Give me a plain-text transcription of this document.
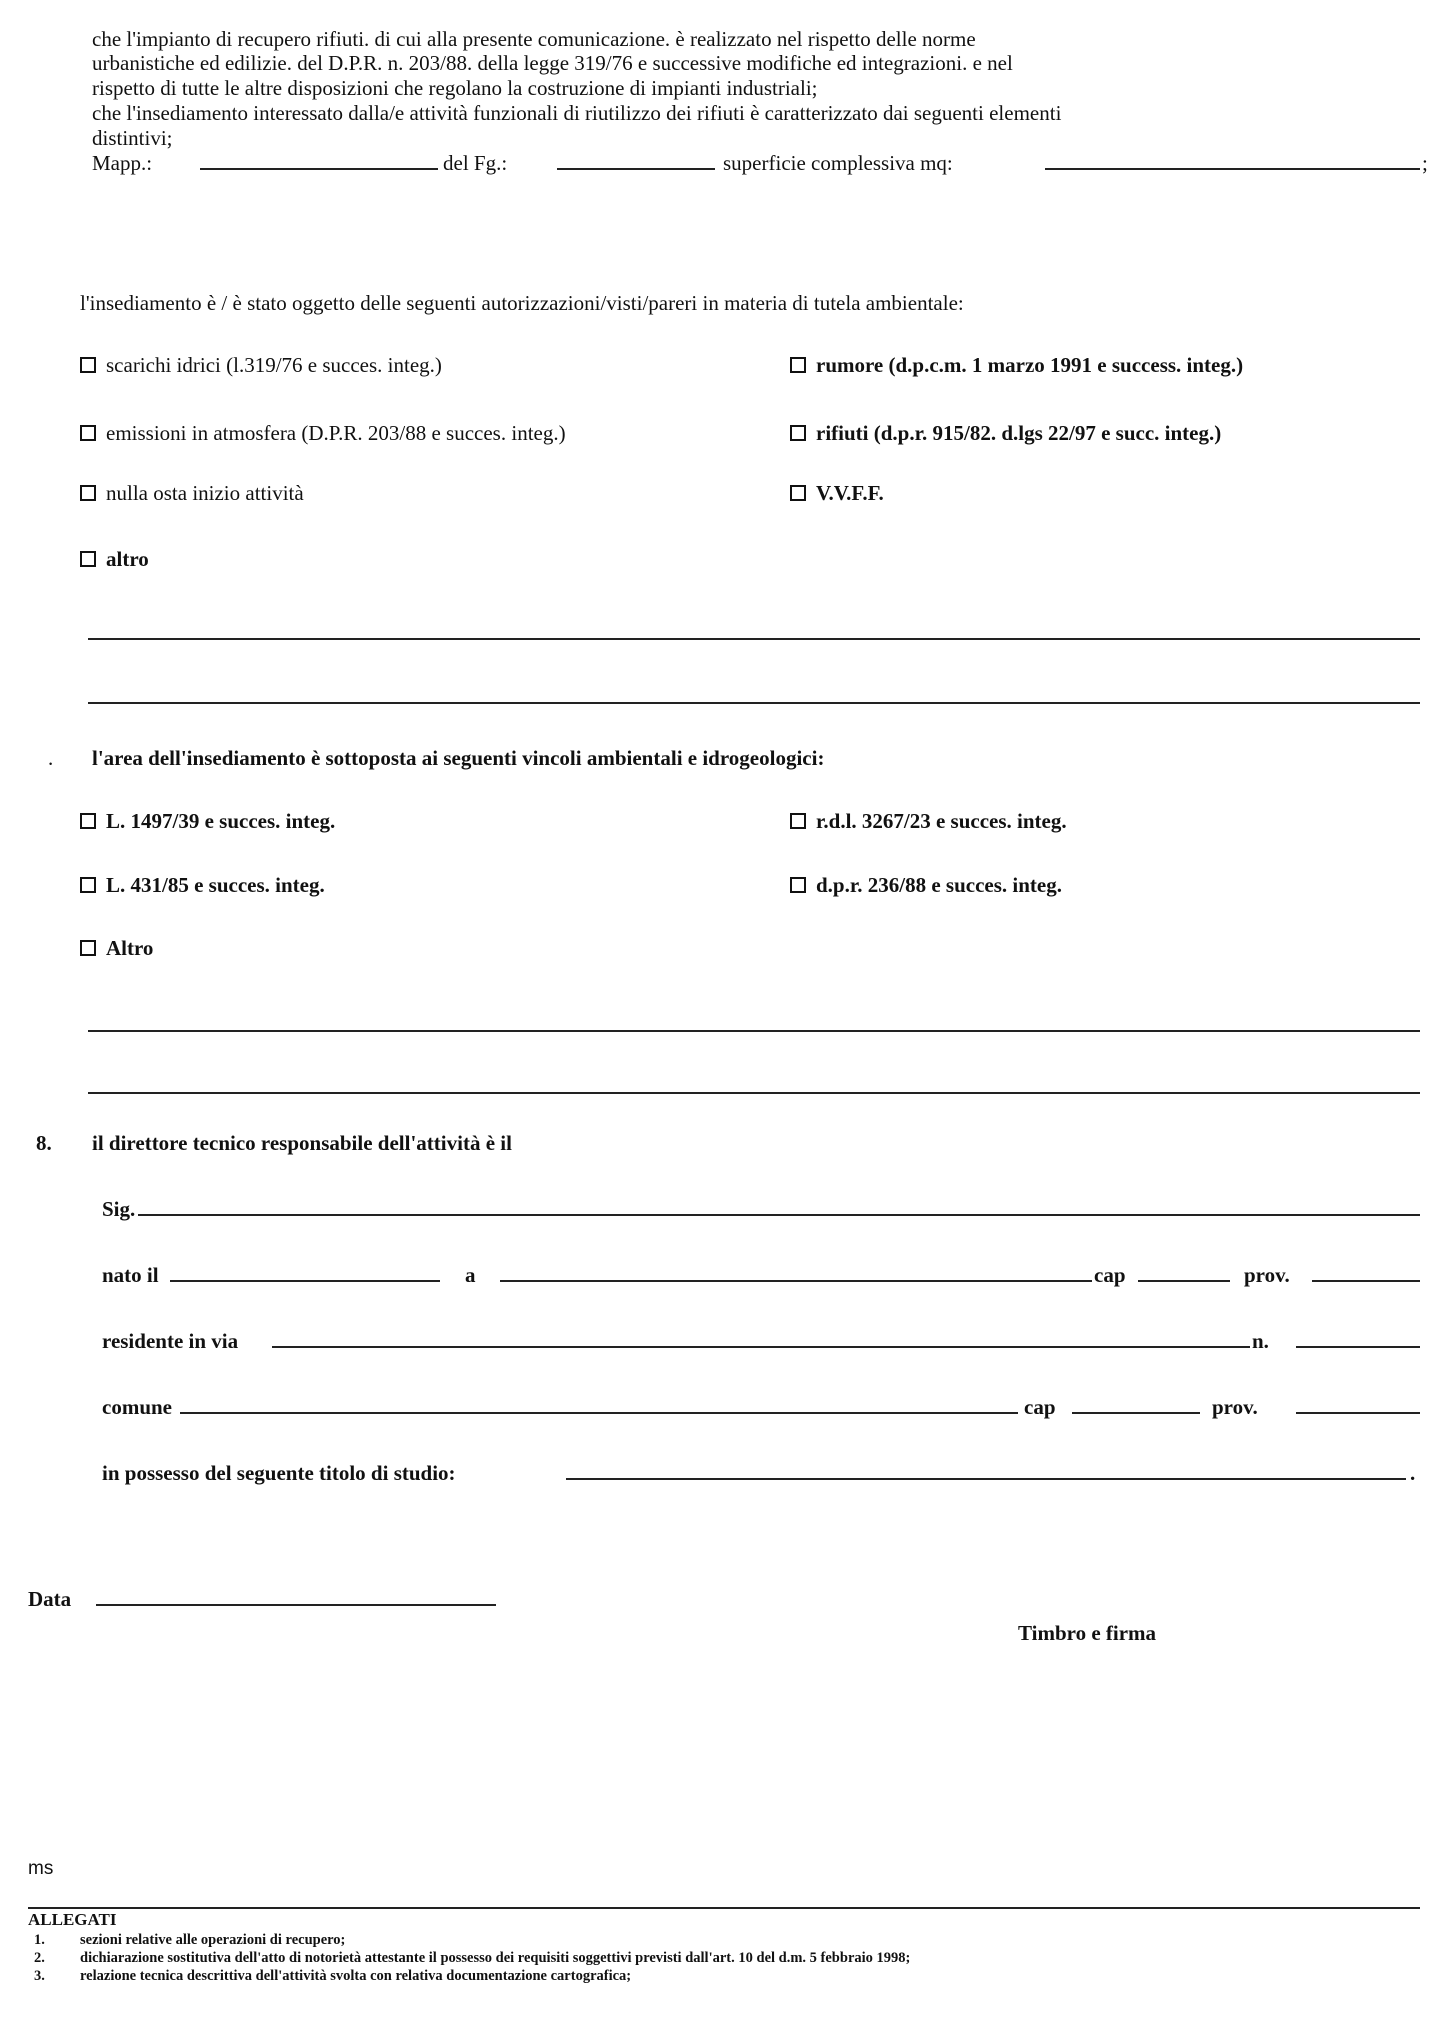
che l'impianto di recupero rifiuti. di cui alla presente comunicazione. è realizzato nel rispetto delle norme
urbanistiche ed edilizie. del D.P.R. n. 203/88. della legge 319/76 e successive modifiche ed integrazioni. e nel
rispetto di tutte le altre disposizioni che regolano la costruzione di impianti industriali;
che l'insediamento interessato dalla/e attività funzionali di riutilizzo dei rifiuti è caratterizzato dai seguenti elementi
distintivi;
Mapp.:	del Fg.:	superficie complessiva mq:	;
l'insediamento è / è stato oggetto delle seguenti autorizzazioni/visti/pareri in materia di tutela ambientale:
scarichi idrici (l.319/76 e succes. integ.)	rumore (d.p.c.m. 1 marzo 1991 e success. integ.)
emissioni in atmosfera (D.P.R. 203/88 e succes. integ.)	rifiuti (d.p.r. 915/82. d.lgs 22/97 e succ. integ.)
nulla osta inizio attività	V.V.F.F.
altro
. l'area dell'insediamento è sottoposta ai seguenti vincoli ambientali e idrogeologici:
L. 1497/39 e succes. integ.	r.d.l. 3267/23 e succes. integ.
L. 431/85 e succes. integ.	d.p.r. 236/88 e succes. integ.
Altro
8. il direttore tecnico responsabile dell'attività è il
Sig.
nato il	a	cap	prov.
residente in via	n.
comune	cap	prov.
in possesso del seguente titolo di studio:	.
Data
Timbro e firma
ms
ALLEGATI
1. sezioni relative alle operazioni di recupero;
2. dichiarazione sostitutiva dell'atto di notorietà attestante il possesso dei requisiti soggettivi previsti dall'art. 10 del d.m. 5 febbraio 1998;
3. relazione tecnica descrittiva dell'attività svolta con relativa documentazione cartografica;
